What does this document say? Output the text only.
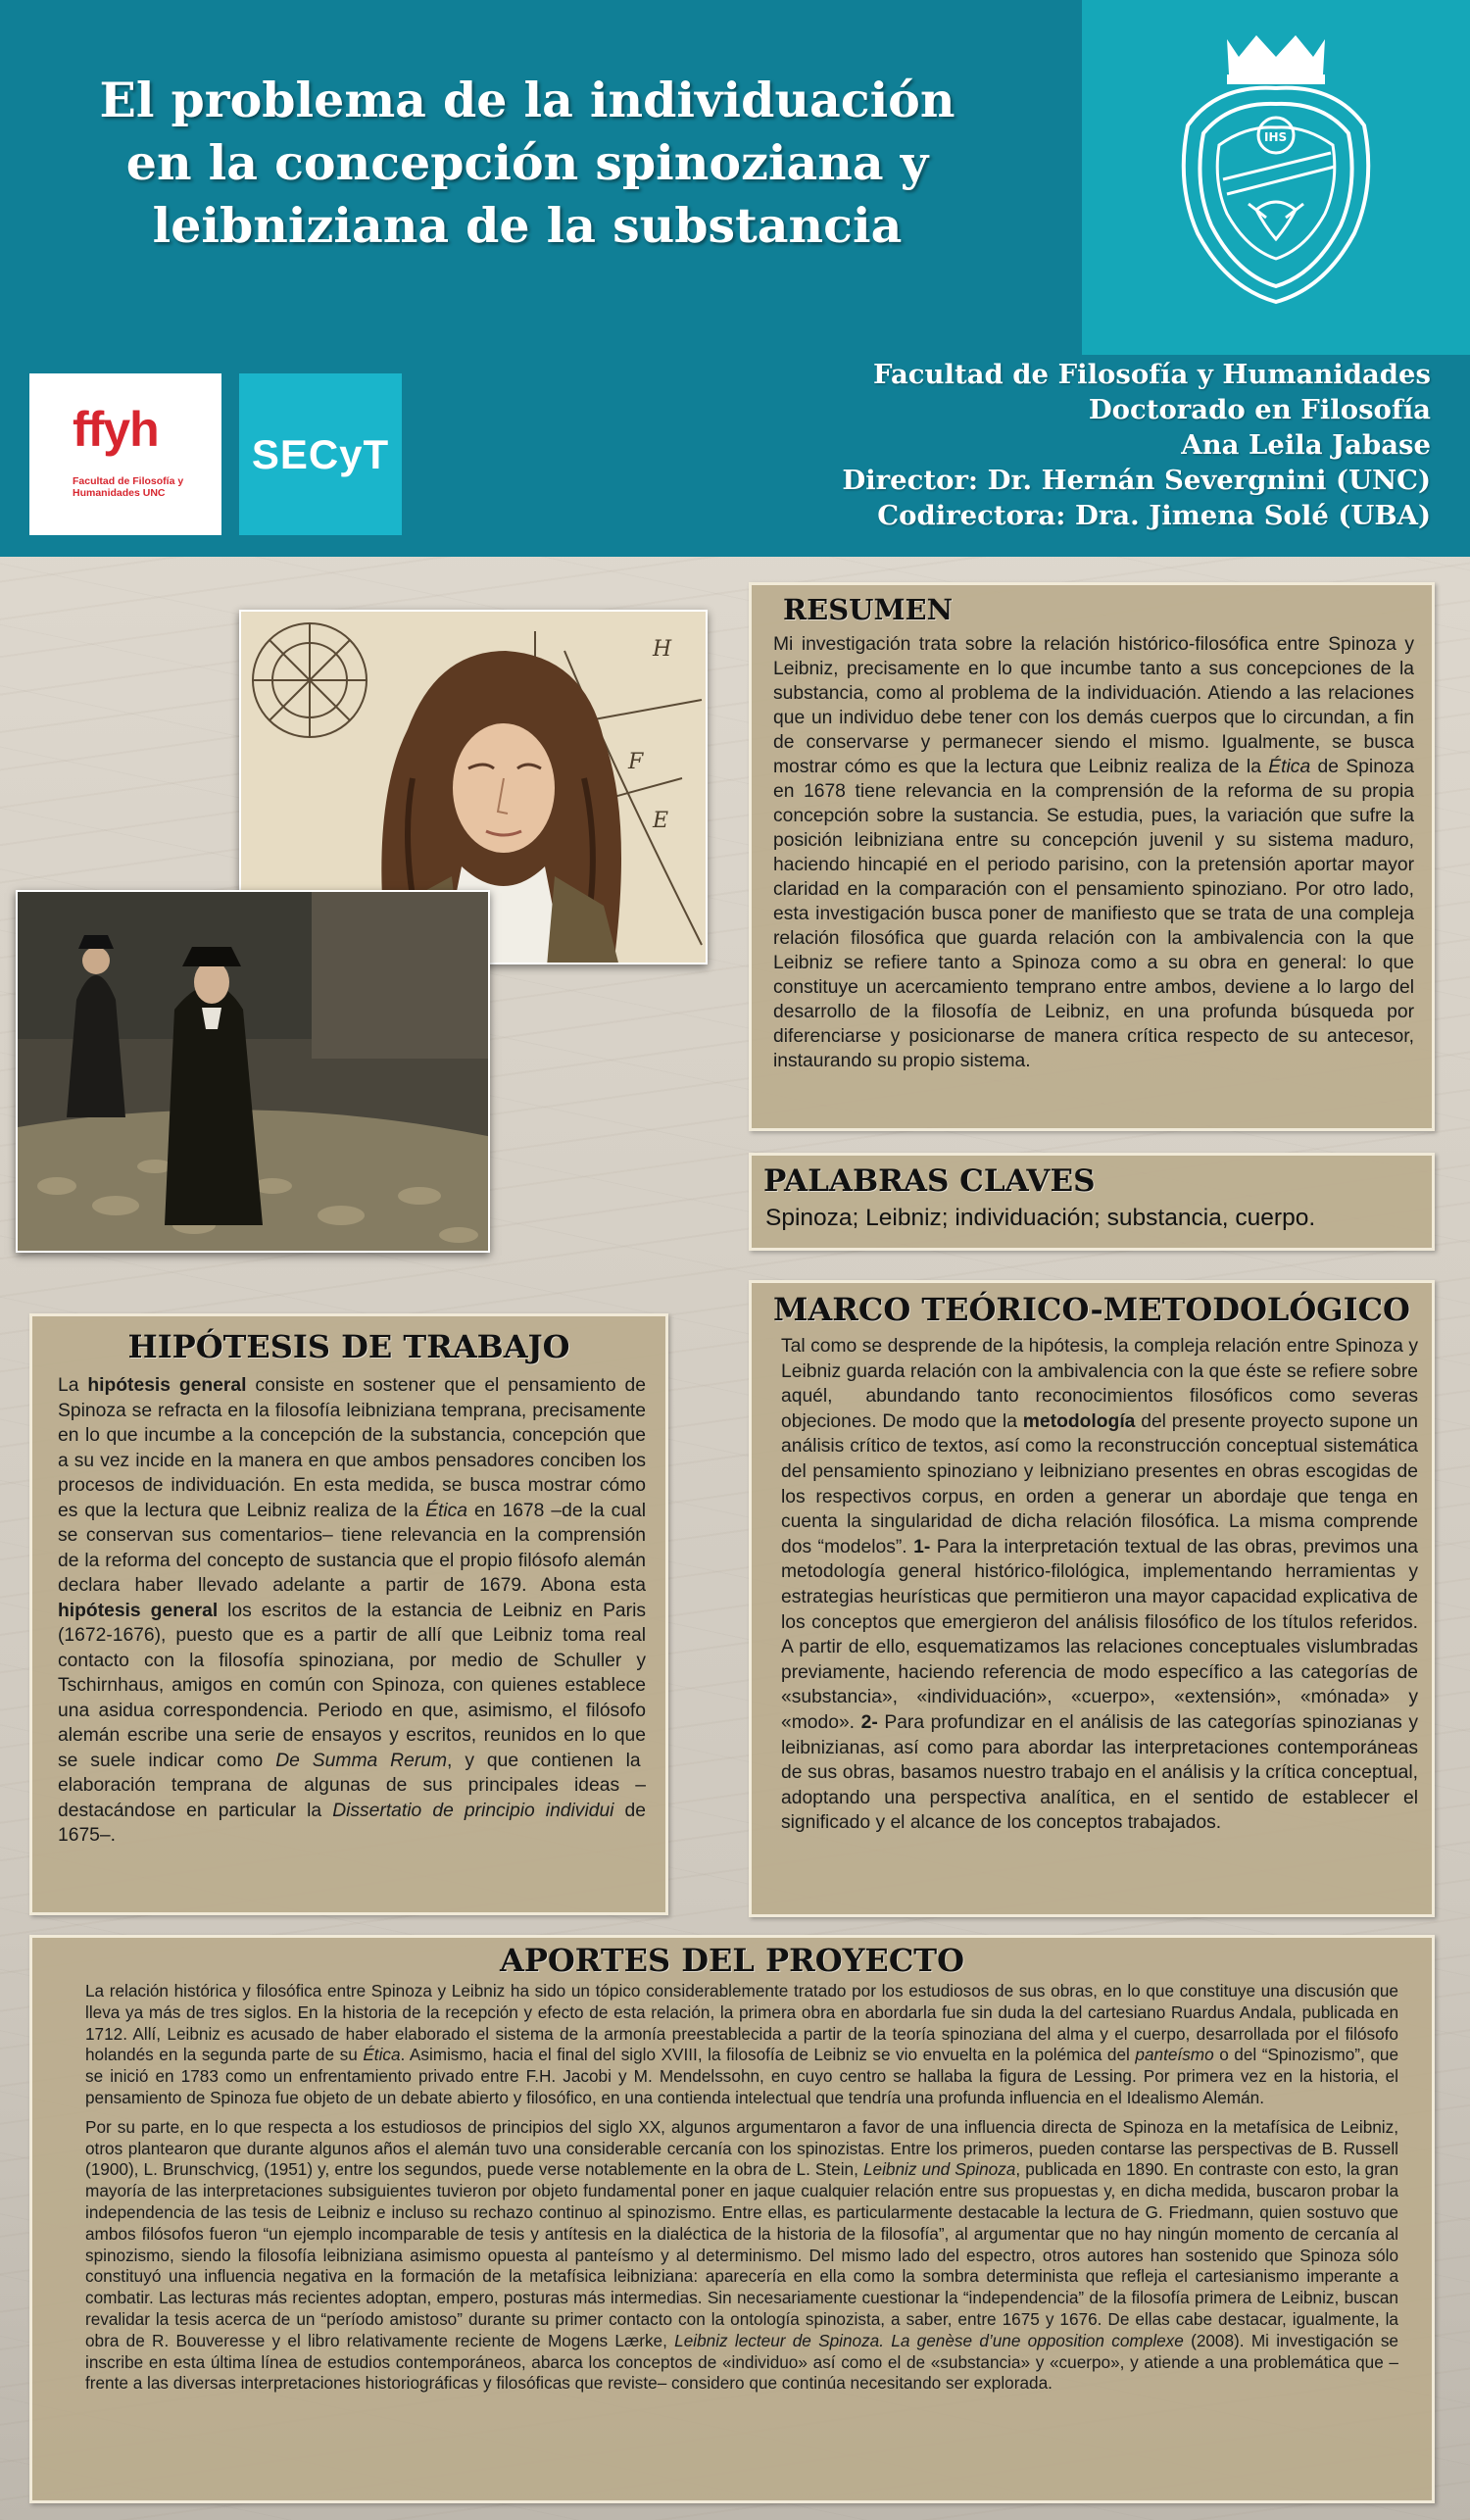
El problema de la individuación
en la concepción spinoziana y
leibniziana de la substancia
IHS
ffyh
Facultad de Filosofía y Humanidades UNC
SECyT
Facultad de Filosofía y Humanidades
Doctorado en Filosofía
Ana Leila Jabase
Director: Dr. Hernán Severgnini (UNC)
Codirectora: Dra. Jimena Solé (UBA)
H
F
E
RESUMEN
Mi investigación trata sobre la relación histórico-filosófica entre Spinoza y Leibniz, precisamente en lo que incumbe tanto a sus concepciones de la substancia, como al problema de la individuación. Atiendo a las relaciones que un individuo debe tener con los demás cuerpos que lo circundan, a fin de conservarse y permanecer siendo el mismo. Igualmente, se busca mostrar cómo es que la lectura que Leibniz realiza de la Ética de Spinoza en 1678 tiene relevancia en la comprensión de la reforma de su propia concepción sobre la sustancia. Se estudia, pues, la variación que sufre la posición leibniziana entre su concepción juvenil y su sistema maduro, haciendo hincapié en el periodo parisino, con la pretensión aportar mayor claridad en la comparación con el pensamiento spinoziano. Por otro lado, esta investigación busca poner de manifiesto que se trata de una compleja relación filosófica que guarda relación con la ambivalencia con la que Leibniz se refiere tanto a Spinoza como a su obra en general: lo que constituye un acercamiento temprano entre ambos, deviene a lo largo del desarrollo de la filosofía de Leibniz, en una profunda búsqueda por diferenciarse y posicionarse de manera crítica respecto de su antecesor, instaurando su propio sistema.
PALABRAS CLAVES
Spinoza; Leibniz; individuación; substancia, cuerpo.
MARCO TEÓRICO-METODOLÓGICO
Tal como se desprende de la hipótesis, la compleja relación entre Spinoza y Leibniz guarda relación con la ambivalencia con la que éste se refiere sobre aquél,  abundando tanto reconocimientos filosóficos como severas objeciones. De modo que la metodología del presente proyecto supone un análisis crítico de textos, así como la reconstrucción conceptual sistemática del pensamiento spinoziano y leibniziano presentes en obras escogidas de los respectivos corpus, en orden a generar un abordaje que tenga en cuenta la singularidad de dicha relación filosófica. La misma comprende dos “modelos”. 1- Para la interpretación textual de las obras, previmos una metodología general histórico-filológica, implementando herramientas y estrategias heurísticas que permitieron una mayor capacidad explicativa de los conceptos que emergieron del análisis filosófico de los títulos referidos. A partir de ello, esquematizamos las relaciones conceptuales vislumbradas previamente, haciendo referencia de modo específico a las categorías de «substancia», «individuación», «cuerpo», «extensión», «mónada» y «modo». 2- Para profundizar en el análisis de las categorías spinozianas y leibnizianas, así como para abordar las interpretaciones contemporáneas de sus obras, basamos nuestro trabajo en el análisis y la crítica conceptual, adoptando una perspectiva analítica, en el sentido de establecer el significado y el alcance de los conceptos trabajados.
HIPÓTESIS DE TRABAJO
La hipótesis general consiste en sostener que el pensamiento de Spinoza se refracta en la filosofía leibniziana temprana, precisamente en lo que incumbe a la concepción de la substancia, concepción que a su vez incide en la manera en que ambos pensadores conciben los procesos de individuación. En esta medida, se busca mostrar cómo es que la lectura que Leibniz realiza de la Ética en 1678 –de la cual se conservan sus comentarios– tiene relevancia en la comprensión de la reforma del concepto de sustancia que el propio filósofo alemán declara haber llevado adelante a partir de 1679. Abona esta hipótesis general los escritos de la estancia de Leibniz en Paris (1672-1676), puesto que es a partir de allí que Leibniz toma real contacto con la filosofía spinoziana, por medio de Schuller y Tschirnhaus, amigos en común con Spinoza, con quienes establece una asidua correspondencia. Periodo en que, asimismo, el filósofo alemán escribe una serie de ensayos y escritos, reunidos en lo que se suele indicar como De Summa Rerum, y que contienen la  elaboración temprana de algunas de sus principales ideas –destacándose en particular la Dissertatio de principio individui de 1675–.
APORTES DEL PROYECTO

La relación histórica y filosófica entre Spinoza y Leibniz ha sido un tópico considerablemente tratado por los estudiosos de sus obras, en lo que constituye una discusión que lleva ya más de tres siglos. En la historia de la recepción y efecto de esta relación, la primera obra en abordarla fue sin duda la del cartesiano Ruardus Andala, publicada en 1712. Allí, Leibniz es acusado de haber elaborado el sistema de la armonía preestablecida a partir de la teoría spinoziana del alma y el cuerpo, desarrollada por el filósofo holandés en la segunda parte de su Ética. Asimismo, hacia el final del siglo XVIII, la filosofía de Leibniz se vio envuelta en la polémica del panteísmo o del “Spinozismo”, que se inició en 1783 como un enfrentamiento privado entre F.H. Jacobi y M. Mendelssohn, en cuyo centro se hallaba la figura de Lessing. Por primera vez en la historia, el pensamiento de Spinoza fue objeto de un debate abierto y filosófico, en una contienda intelectual que tendría una profunda influencia en el Idealismo Alemán.

Por su parte, en lo que respecta a los estudiosos de principios del siglo XX, algunos argumentaron a favor de una influencia directa de Spinoza en la metafísica de Leibniz, otros plantearon que durante algunos años el alemán tuvo una considerable cercanía con los spinozistas. Entre los primeros, pueden contarse las perspectivas de B. Russell (1900), L. Brunschvicg, (1951) y, entre los segundos, puede verse notablemente en la obra de L. Stein, Leibniz und Spinoza, publicada en 1890. En contraste con esto, la gran mayoría de las interpretaciones subsiguientes tuvieron por objeto fundamental poner en jaque cualquier relación entre sus propuestas y, en dicha medida, buscaron probar la independencia de las tesis de Leibniz e incluso su rechazo continuo al spinozismo. Entre ellas, es particularmente destacable la lectura de G. Friedmann, quien sostuvo que ambos filósofos fueron “un ejemplo incomparable de tesis y antítesis en la dialéctica de la historia de la filosofía”, al argumentar que no hay ningún momento de cercanía al spinozismo, siendo la filosofía leibniziana asimismo opuesta al panteísmo y al determinismo. Del mismo lado del espectro, otros autores han sostenido que Spinoza sólo constituyó una influencia negativa en la formación de la metafísica leibniziana: aparecería en ella como la sombra determinista que refleja el cartesianismo imperante a combatir. Las lecturas más recientes adoptan, empero, posturas más intermedias. Sin necesariamente cuestionar la “independencia” de la filosofía primera de Leibniz, buscan revalidar la tesis acerca de un “período amistoso” durante su primer contacto con la ontología spinozista, a saber, entre 1675 y 1676. De ellas cabe destacar, igualmente, la obra de R. Bouveresse y el libro relativamente reciente de Mogens Lærke, Leibniz lecteur de Spinoza. La genèse d’une opposition complexe (2008). Mi investigación se inscribe en esta última línea de estudios contemporáneos, abarca los conceptos de «individuo» así como el de «substancia» y «cuerpo», y atiende a una problemática que –frente a las diversas interpretaciones historiográficas y filosóficas que reviste– considero que continúa necesitando ser explorada.
